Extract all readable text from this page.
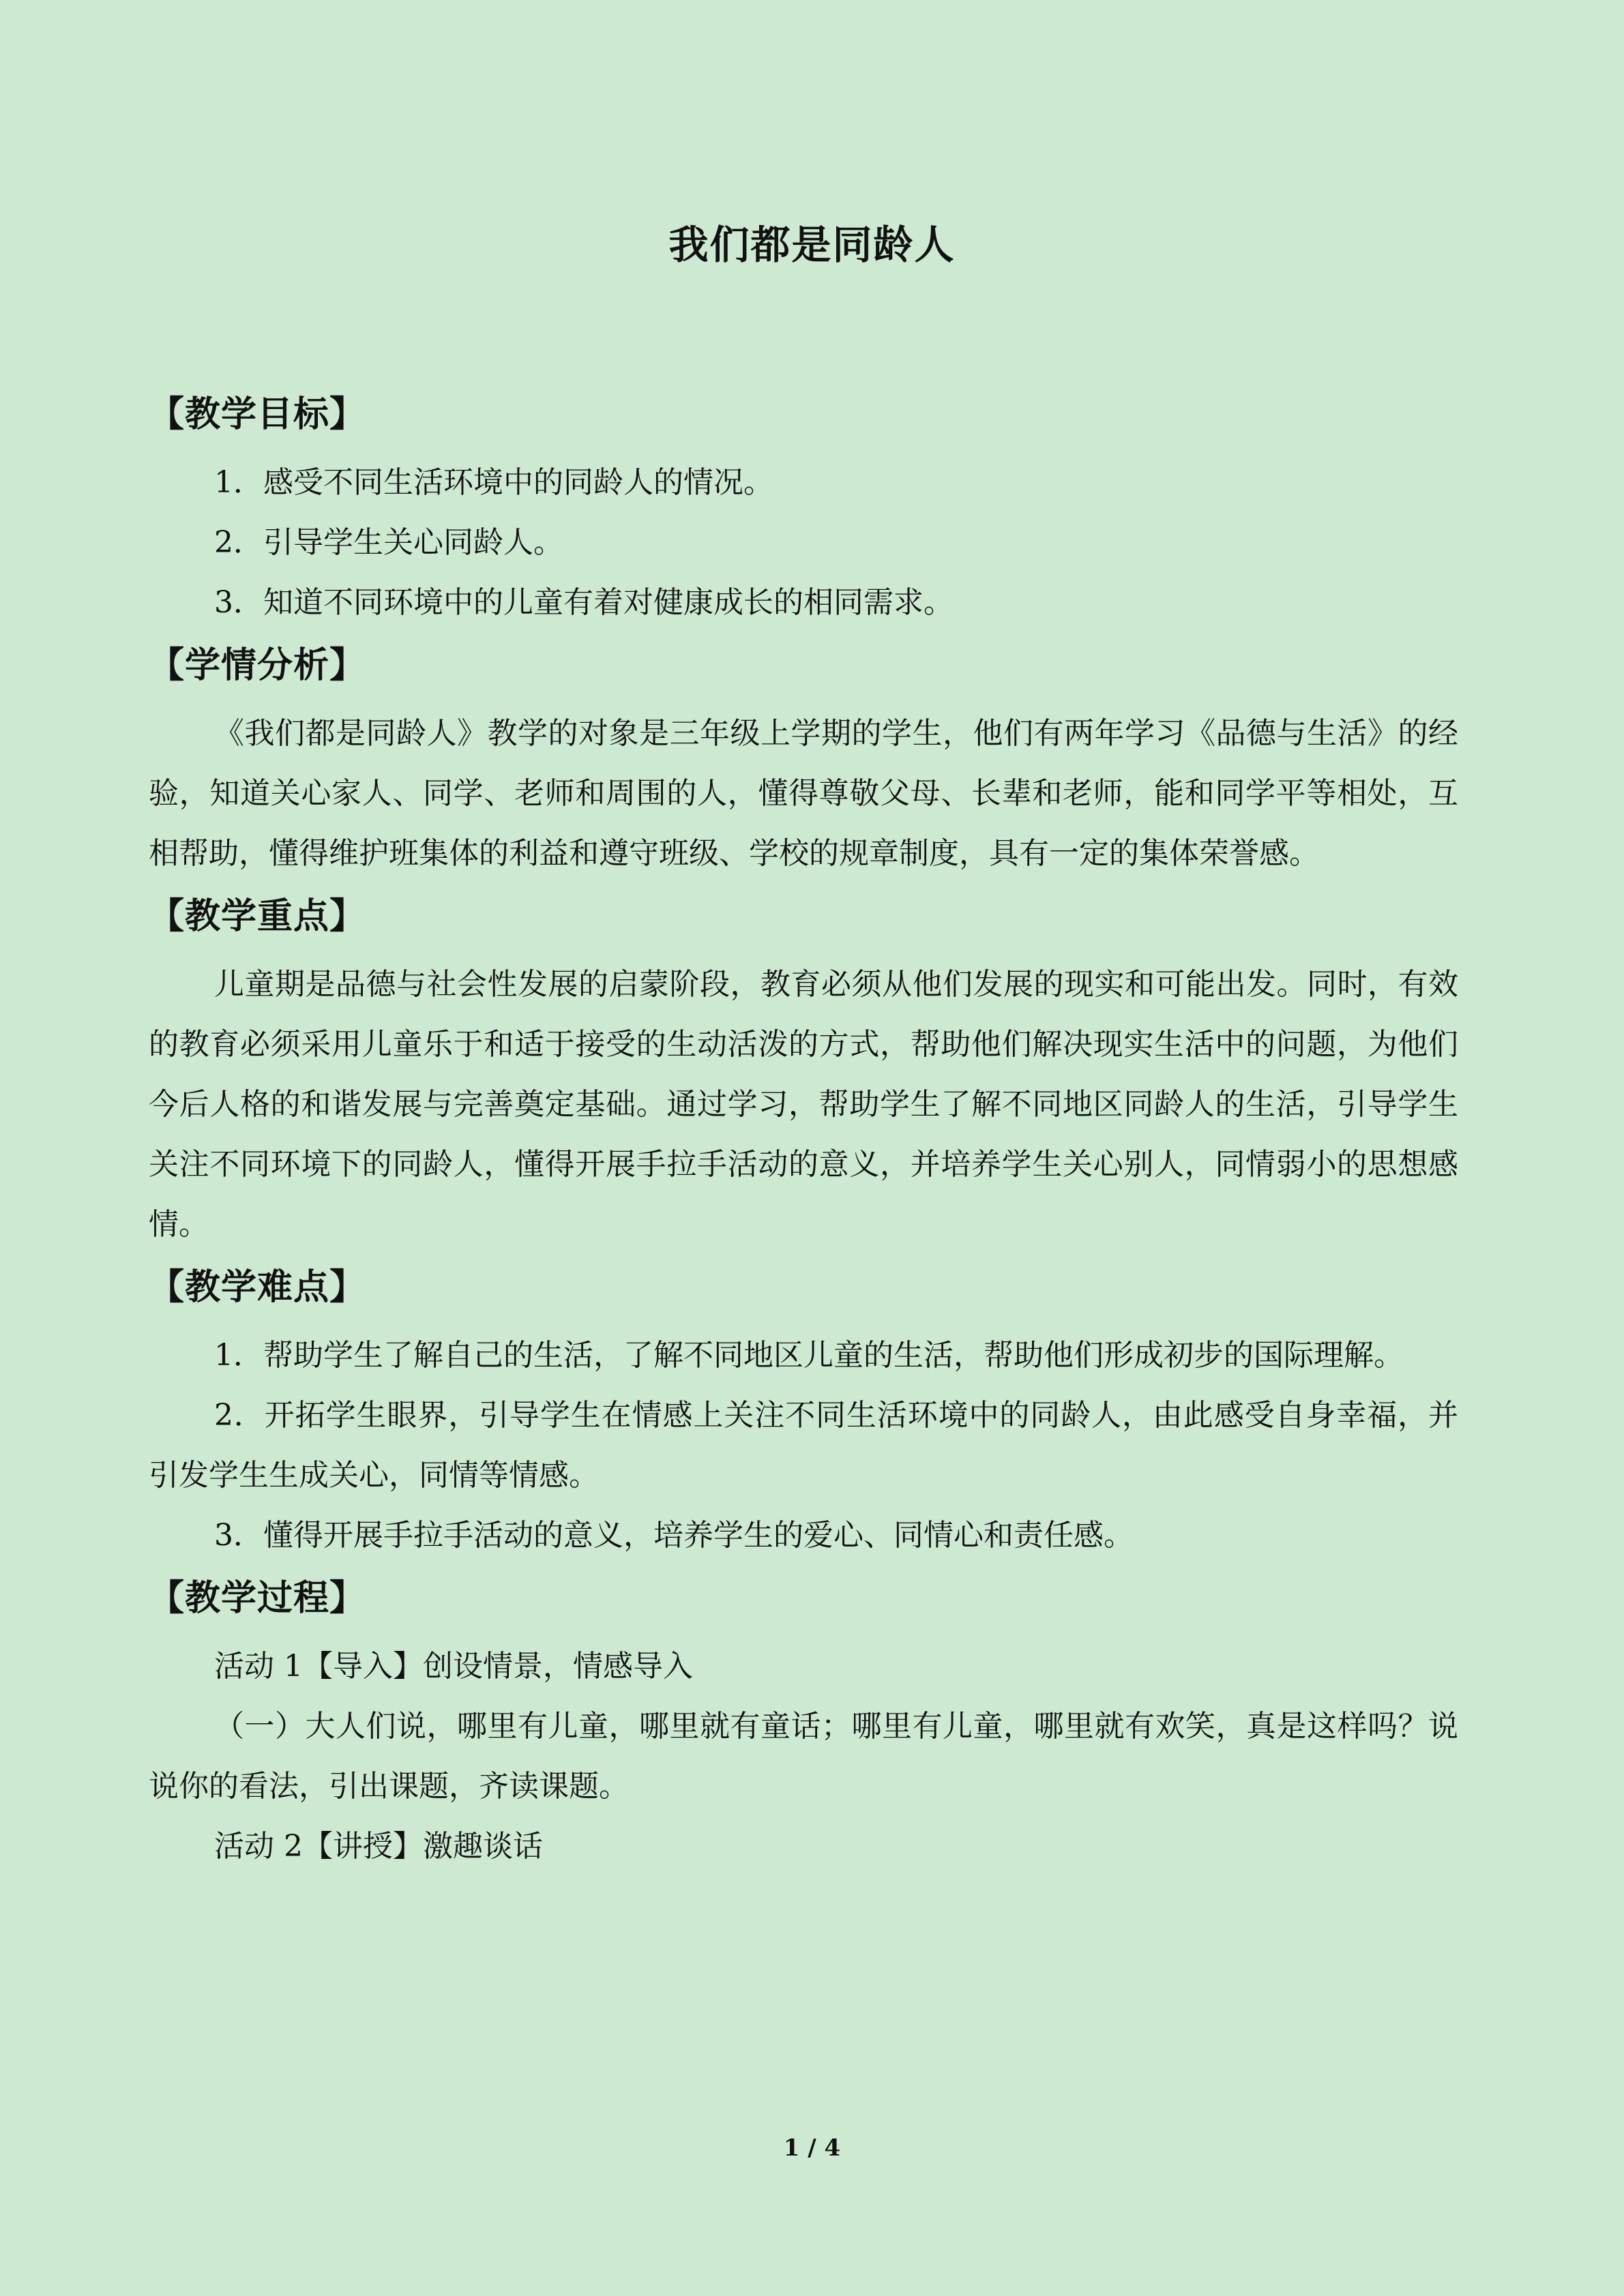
我们都是同龄人
【教学目标】

1．感受不同生活环境中的同龄人的情况。

2．引导学生关心同龄人。

3．知道不同环境中的儿童有着对健康成长的相同需求。

【学情分析】

《我们都是同龄人》教学的对象是三年级上学期的学生，他们有两年学习《品德与生活》的经验，知道关心家人、同学、老师和周围的人，懂得尊敬父母、长辈和老师，能和同学平等相处，互相帮助，懂得维护班集体的利益和遵守班级、学校的规章制度，具有一定的集体荣誉感。

【教学重点】

儿童期是品德与社会性发展的启蒙阶段，教育必须从他们发展的现实和可能出发。同时，有效的教育必须采用儿童乐于和适于接受的生动活泼的方式，帮助他们解决现实生活中的问题，为他们今后人格的和谐发展与完善奠定基础。通过学习，帮助学生了解不同地区同龄人的生活，引导学生关注不同环境下的同龄人，懂得开展手拉手活动的意义，并培养学生关心别人，同情弱小的思想感情。

【教学难点】

1．帮助学生了解自己的生活，了解不同地区儿童的生活，帮助他们形成初步的国际理解。

2．开拓学生眼界，引导学生在情感上关注不同生活环境中的同龄人，由此感受自身幸福，并引发学生生成关心，同情等情感。

3．懂得开展手拉手活动的意义，培养学生的爱心、同情心和责任感。

【教学过程】

活动 1【导入】创设情景，情感导入

（一）大人们说，哪里有儿童，哪里就有童话；哪里有儿童，哪里就有欢笑，真是这样吗？说说你的看法，引出课题，齐读课题。

活动 2【讲授】激趣谈话

1 / 4
